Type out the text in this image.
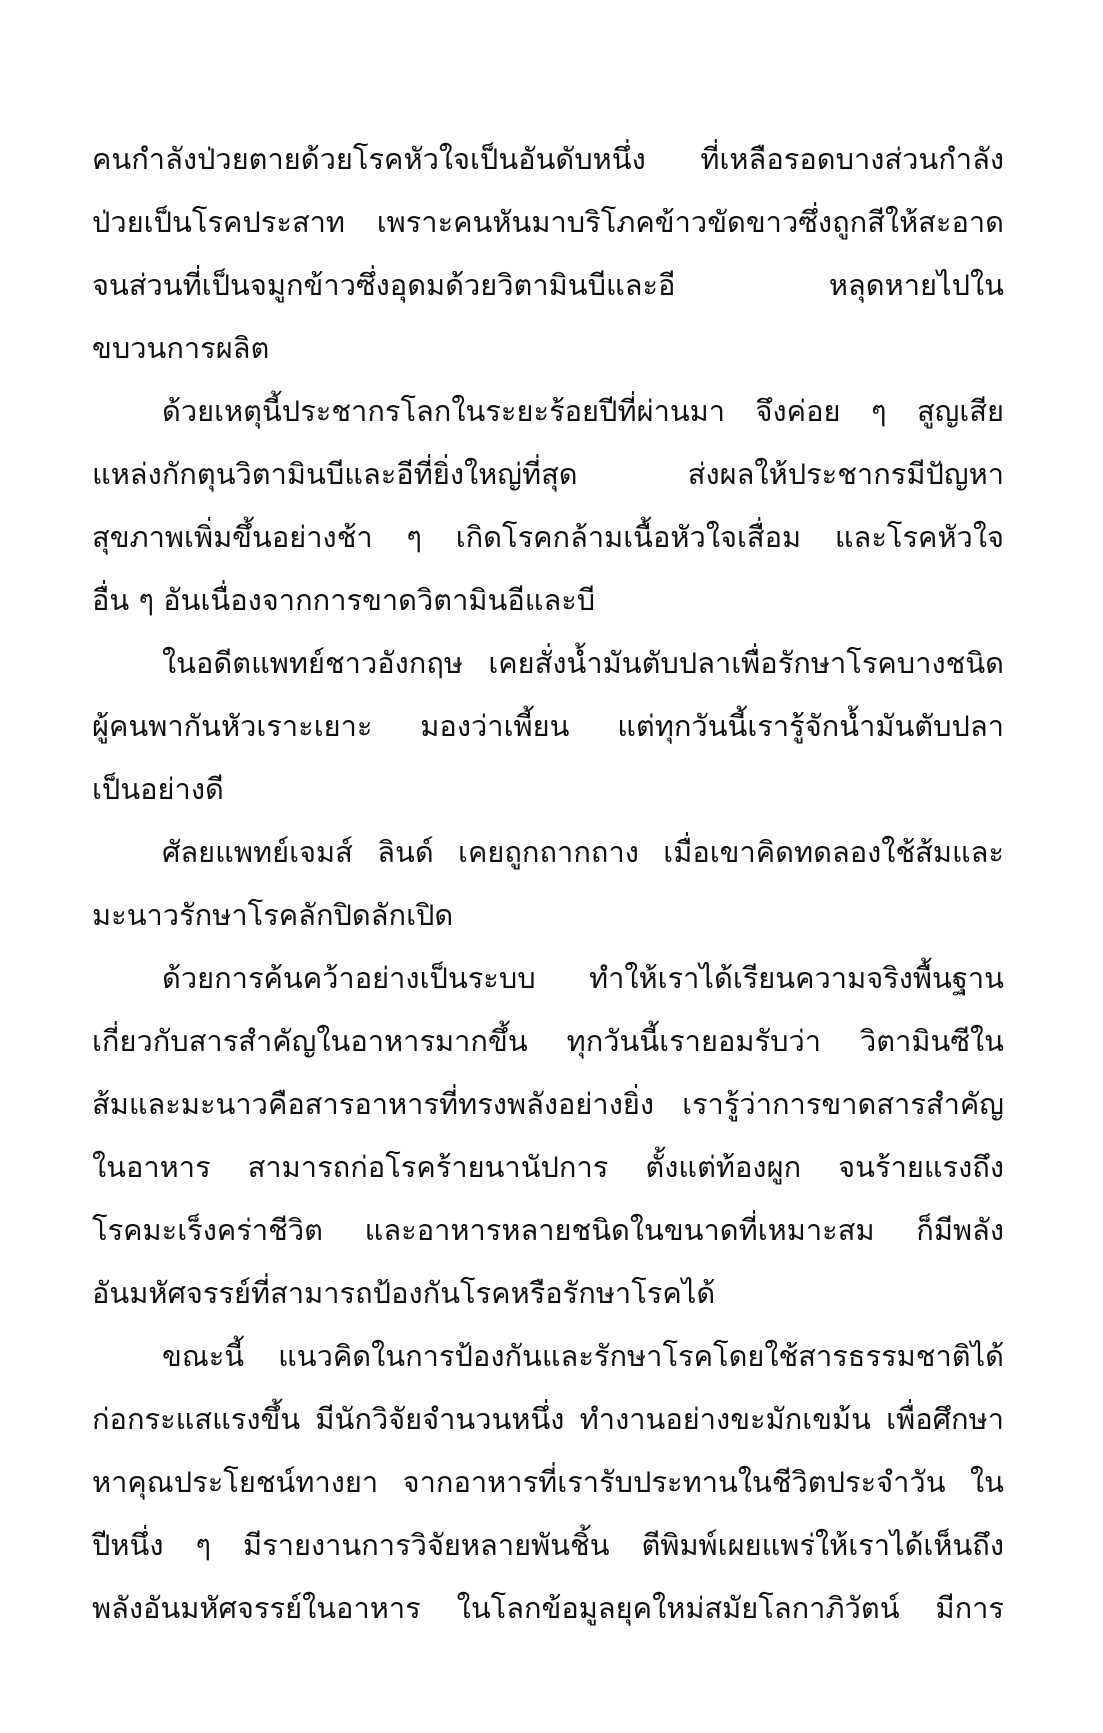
คนกำลังป่วยตายด้วยโรคหัวใจเป็นอันดับหนึ่ง ที่เหลือรอดบางส่วนกำลัง
ป่วยเป็นโรคประสาท เพราะคนหันมาบริโภคข้าวขัดขาวซึ่งถูกสีให้สะอาด
จนส่วนที่เป็นจมูกข้าวซึ่งอุดมด้วยวิตามินบีและอี หลุดหายไปใน
ขบวนการผลิต
ด้วยเหตุนี้ประชากรโลกในระยะร้อยปีที่ผ่านมา จึงค่อย ๆ สูญเสีย
แหล่งกักตุนวิตามินบีและอีที่ยิ่งใหญ่ที่สุด ส่งผลให้ประชากรมีปัญหา
สุขภาพเพิ่มขึ้นอย่างช้า ๆ เกิดโรคกล้ามเนื้อหัวใจเสื่อม และโรคหัวใจ
อื่น ๆ อันเนื่องจากการขาดวิตามินอีและบี
ในอดีตแพทย์ชาวอังกฤษ เคยสั่งน้ำมันตับปลาเพื่อรักษาโรคบางชนิด
ผู้คนพากันหัวเราะเยาะ มองว่าเพี้ยน แต่ทุกวันนี้เรารู้จักน้ำมันตับปลา
เป็นอย่างดี
ศัลยแพทย์เจมส์ ลินด์ เคยถูกถากถาง เมื่อเขาคิดทดลองใช้ส้มและ
มะนาวรักษาโรคลักปิดลักเปิด
ด้วยการค้นคว้าอย่างเป็นระบบ ทำให้เราได้เรียนความจริงพื้นฐาน
เกี่ยวกับสารสำคัญในอาหารมากขึ้น ทุกวันนี้เรายอมรับว่า วิตามินซีใน
ส้มและมะนาวคือสารอาหารที่ทรงพลังอย่างยิ่ง เรารู้ว่าการขาดสารสำคัญ
ในอาหาร สามารถก่อโรคร้ายนานัปการ ตั้งแต่ท้องผูก จนร้ายแรงถึง
โรคมะเร็งคร่าชีวิต และอาหารหลายชนิดในขนาดที่เหมาะสม ก็มีพลัง
อันมหัศจรรย์ที่สามารถป้องกันโรคหรือรักษาโรคได้
ขณะนี้ แนวคิดในการป้องกันและรักษาโรคโดยใช้สารธรรมชาติได้
ก่อกระแสแรงขึ้น มีนักวิจัยจำนวนหนึ่ง ทำงานอย่างขะมักเขม้น เพื่อศึกษา
หาคุณประโยชน์ทางยา จากอาหารที่เรารับประทานในชีวิตประจำวัน ใน
ปีหนึ่ง ๆ มีรายงานการวิจัยหลายพันชิ้น ตีพิมพ์เผยแพร่ให้เราได้เห็นถึง
พลังอันมหัศจรรย์ในอาหาร ในโลกข้อมูลยุคใหม่สมัยโลกาภิวัตน์ มีการ
